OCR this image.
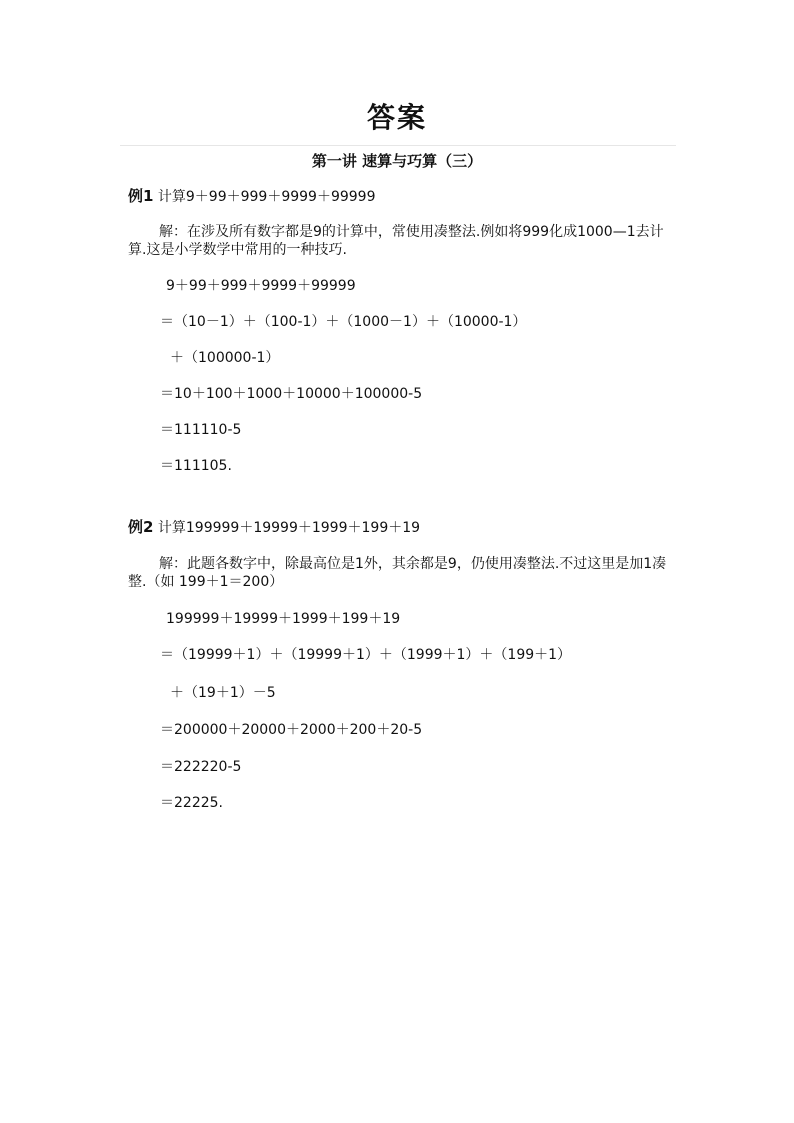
答案
第一讲 速算与巧算（三）
例1 计算9＋99＋999＋9999＋99999
解：在涉及所有数字都是9的计算中，常使用凑整法.例如将999化成1000—1去计算.这是小学数学中常用的一种技巧.
9＋99＋999＋9999＋99999
＝（10－1）＋（100-1）＋（1000－1）＋（10000-1）
＋（100000-1）
＝10＋100＋1000＋10000＋100000-5
＝111110-5
＝111105.
例2 计算199999＋19999＋1999＋199＋19
解：此题各数字中，除最高位是1外，其余都是9，仍使用凑整法.不过这里是加1凑整.（如 199＋1＝200）
199999＋19999＋1999＋199＋19
＝（19999＋1）＋（19999＋1）＋（1999＋1）＋（199＋1）
＋（19＋1）－5
＝200000＋20000＋2000＋200＋20-5
＝222220-5
＝22225.
